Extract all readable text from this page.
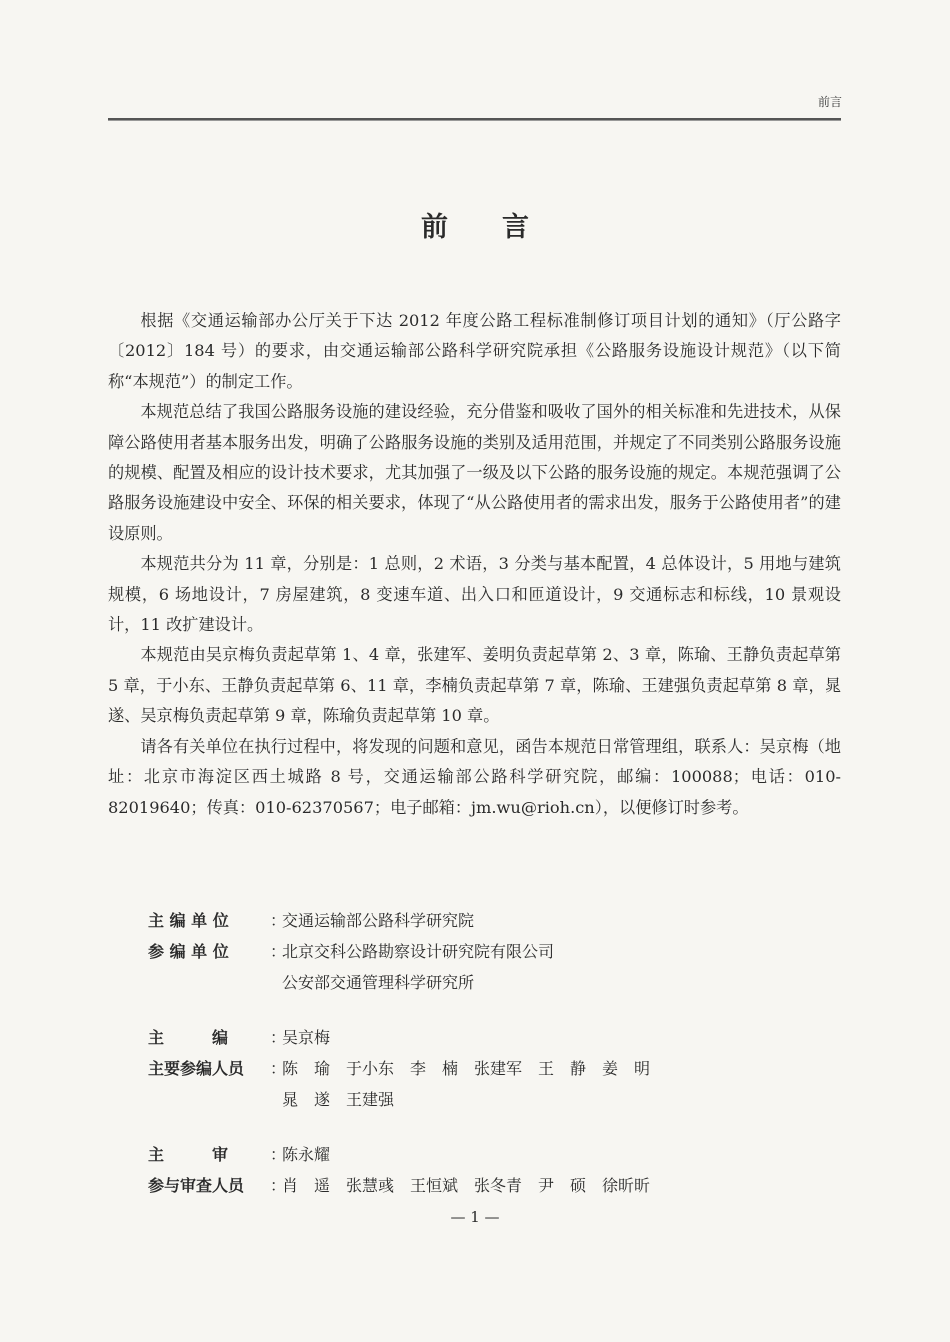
前言
前言

根据《交通运输部办公厅关于下达 2012 年度公路工程标准制修订项目计划的通知》（厅公路字〔2012〕184 号）的要求，由交通运输部公路科学研究院承担《公路服务设施设计规范》（以下简称“本规范”）的制定工作。

本规范总结了我国公路服务设施的建设经验，充分借鉴和吸收了国外的相关标准和先进技术，从保障公路使用者基本服务出发，明确了公路服务设施的类别及适用范围，并规定了不同类别公路服务设施的规模、配置及相应的设计技术要求，尤其加强了一级及以下公路的服务设施的规定。本规范强调了公路服务设施建设中安全、环保的相关要求，体现了“从公路使用者的需求出发，服务于公路使用者”的建设原则。

本规范共分为 11 章，分别是：1 总则，2 术语，3 分类与基本配置，4 总体设计，5 用地与建筑规模，6 场地设计，7 房屋建筑，8 变速车道、出入口和匝道设计，9 交通标志和标线，10 景观设计，11 改扩建设计。

本规范由吴京梅负责起草第 1、4 章，张建军、姜明负责起草第 2、3 章，陈瑜、王静负责起草第 5 章，于小东、王静负责起草第 6、11 章，李楠负责起草第 7 章，陈瑜、王建强负责起草第 8 章，晁遂、吴京梅负责起草第 9 章，陈瑜负责起草第 10 章。

请各有关单位在执行过程中，将发现的问题和意见，函告本规范日常管理组，联系人：吴京梅（地址：北京市海淀区西土城路 8 号，交通运输部公路科学研究院，邮编：100088；电话：010-82019640；传真：010-62370567；电子邮箱：jm.wu@rioh.cn），以便修订时参考。

主 编 单 位	：
交通运输部公路科学研究院
参 编 单 位	：
北京交科公路勘察设计研究院有限公司
公安部交通管理科学研究所
主　　　编	：
吴京梅
主要参编人员	：
陈　瑜　于小东　李　楠　张建军　王　静　姜　明
晁　遂　王建强
主　　　审	：
陈永耀
参与审查人员	：
肖　遥　张慧彧　王恒斌　张冬青　尹　硕　徐昕昕
— 1 —
